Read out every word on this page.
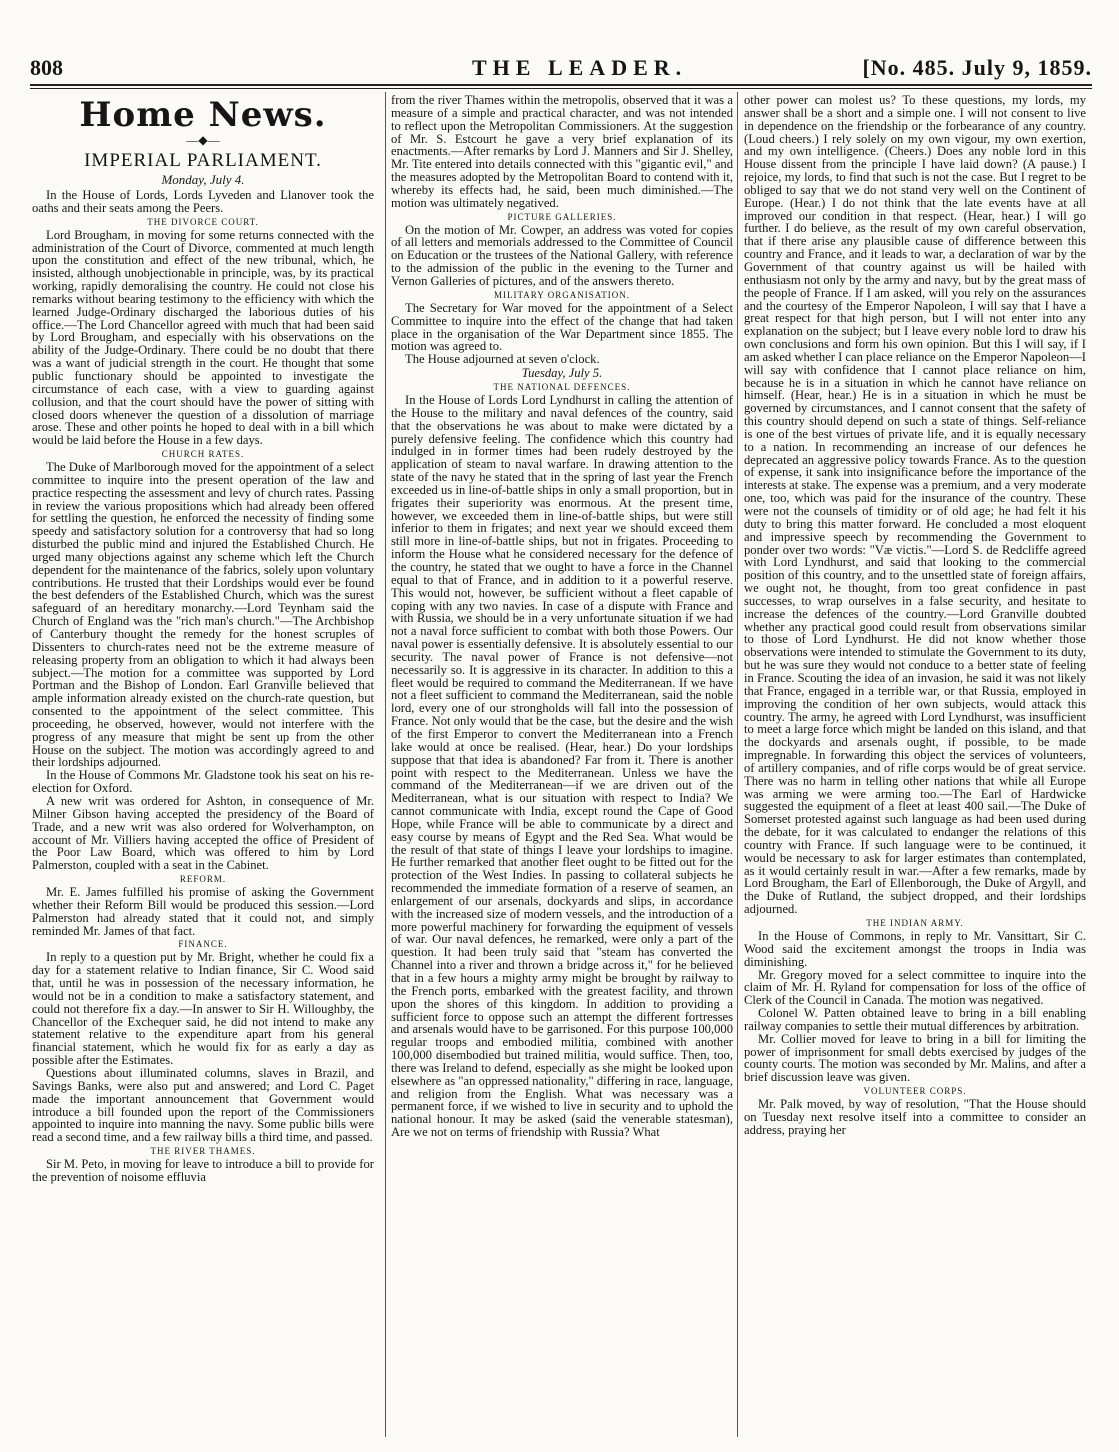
808	THE LEADER.	[No. 485. July 9, 1859.
Home News.
—◆—
IMPERIAL PARLIAMENT.
Monday, July 4.

In the House of Lords, Lords Lyveden and Llanover took the oaths and their seats among the Peers.

THE DIVORCE COURT.

Lord Brougham, in moving for some returns connected with the administration of the Court of Divorce, commented at much length upon the constitution and effect of the new tribunal, which, he insisted, although unobjectionable in principle, was, by its practical working, rapidly demoralising the country. He could not close his remarks without bearing testimony to the efficiency with which the learned Judge-Ordinary discharged the laborious duties of his office.—The Lord Chancellor agreed with much that had been said by Lord Brougham, and especially with his observations on the ability of the Judge-Ordinary. There could be no doubt that there was a want of judicial strength in the court. He thought that some public functionary should be appointed to investigate the circumstance of each case, with a view to guarding against collusion, and that the court should have the power of sitting with closed doors whenever the question of a dissolution of marriage arose. These and other points he hoped to deal with in a bill which would be laid before the House in a few days.

CHURCH RATES.

The Duke of Marlborough moved for the appointment of a select committee to inquire into the present operation of the law and practice respecting the assessment and levy of church rates. Passing in review the various propositions which had already been offered for settling the question, he enforced the necessity of finding some speedy and satisfactory solution for a controversy that had so long disturbed the public mind and injured the Established Church. He urged many objections against any scheme which left the Church dependent for the maintenance of the fabrics, solely upon voluntary contributions. He trusted that their Lordships would ever be found the best defenders of the Established Church, which was the surest safeguard of an hereditary monarchy.—Lord Teynham said the Church of England was the "rich man's church."—The Archbishop of Canterbury thought the remedy for the honest scruples of Dissenters to church-rates need not be the extreme measure of releasing property from an obligation to which it had always been subject.—The motion for a committee was supported by Lord Portman and the Bishop of London. Earl Granville believed that ample information already existed on the church-rate question, but consented to the appointment of the select committee. This proceeding, he observed, however, would not interfere with the progress of any measure that might be sent up from the other House on the subject. The motion was accordingly agreed to and their lordships adjourned.

In the House of Commons Mr. Gladstone took his seat on his re-election for Oxford.

A new writ was ordered for Ashton, in consequence of Mr. Milner Gibson having accepted the presidency of the Board of Trade, and a new writ was also ordered for Wolverhampton, on account of Mr. Villiers having accepted the office of President of the Poor Law Board, which was offered to him by Lord Palmerston, coupled with a seat in the Cabinet.

REFORM.

Mr. E. James fulfilled his promise of asking the Government whether their Reform Bill would be produced this session.—Lord Palmerston had already stated that it could not, and simply reminded Mr. James of that fact.

FINANCE.

In reply to a question put by Mr. Bright, whether he could fix a day for a statement relative to Indian finance, Sir C. Wood said that, until he was in possession of the necessary information, he would not be in a condition to make a satisfactory statement, and could not therefore fix a day.—In answer to Sir H. Willoughby, the Chancellor of the Exchequer said, he did not intend to make any statement relative to the expenditure apart from his general financial statement, which he would fix for as early a day as possible after the Estimates.

Questions about illuminated columns, slaves in Brazil, and Savings Banks, were also put and answered; and Lord C. Paget made the important announcement that Government would introduce a bill founded upon the report of the Commissioners appointed to inquire into manning the navy. Some public bills were read a second time, and a few railway bills a third time, and passed.

THE RIVER THAMES.

Sir M. Peto, in moving for leave to introduce a bill to provide for the prevention of noisome effluvia

from the river Thames within the metropolis, observed that it was a measure of a simple and practical character, and was not intended to reflect upon the Metropolitan Commissioners. At the suggestion of Mr. S. Estcourt he gave a very brief explanation of its enactments.—After remarks by Lord J. Manners and Sir J. Shelley, Mr. Tite entered into details connected with this "gigantic evil," and the measures adopted by the Metropolitan Board to contend with it, whereby its effects had, he said, been much diminished.—The motion was ultimately negatived.

PICTURE GALLERIES.

On the motion of Mr. Cowper, an address was voted for copies of all letters and memorials addressed to the Committee of Council on Education or the trustees of the National Gallery, with reference to the admission of the public in the evening to the Turner and Vernon Galleries of pictures, and of the answers thereto.

MILITARY ORGANISATION.

The Secretary for War moved for the appointment of a Select Committee to inquire into the effect of the change that had taken place in the organisation of the War Department since 1855. The motion was agreed to.

The House adjourned at seven o'clock.

Tuesday, July 5.
THE NATIONAL DEFENCES.

In the House of Lords Lord Lyndhurst in calling the attention of the House to the military and naval defences of the country, said that the observations he was about to make were dictated by a purely defensive feeling. The confidence which this country had indulged in in former times had been rudely destroyed by the application of steam to naval warfare. In drawing attention to the state of the navy he stated that in the spring of last year the French exceeded us in line-of-battle ships in only a small proportion, but in frigates their superiority was enormous. At the present time, however, we exceeded them in line-of-battle ships, but were still inferior to them in frigates; and next year we should exceed them still more in line-of-battle ships, but not in frigates. Proceeding to inform the House what he considered necessary for the defence of the country, he stated that we ought to have a force in the Channel equal to that of France, and in addition to it a powerful reserve. This would not, however, be sufficient without a fleet capable of coping with any two navies. In case of a dispute with France and with Russia, we should be in a very unfortunate situation if we had not a naval force sufficient to combat with both those Powers. Our naval power is essentially defensive. It is absolutely essential to our security. The naval power of France is not defensive—not necessarily so. It is aggressive in its character. In addition to this a fleet would be required to command the Mediterranean. If we have not a fleet sufficient to command the Mediterranean, said the noble lord, every one of our strongholds will fall into the possession of France. Not only would that be the case, but the desire and the wish of the first Emperor to convert the Mediterranean into a French lake would at once be realised. (Hear, hear.) Do your lordships suppose that that idea is abandoned? Far from it. There is another point with respect to the Mediterranean. Unless we have the command of the Mediterranean—if we are driven out of the Mediterranean, what is our situation with respect to India? We cannot communicate with India, except round the Cape of Good Hope, while France will be able to communicate by a direct and easy course by means of Egypt and the Red Sea. What would be the result of that state of things I leave your lordships to imagine. He further remarked that another fleet ought to be fitted out for the protection of the West Indies. In passing to collateral subjects he recommended the immediate formation of a reserve of seamen, an enlargement of our arsenals, dockyards and slips, in accordance with the increased size of modern vessels, and the introduction of a more powerful machinery for forwarding the equipment of vessels of war. Our naval defences, he remarked, were only a part of the question. It had been truly said that "steam has converted the Channel into a river and thrown a bridge across it," for he believed that in a few hours a mighty army might be brought by railway to the French ports, embarked with the greatest facility, and thrown upon the shores of this kingdom. In addition to providing a sufficient force to oppose such an attempt the different fortresses and arsenals would have to be garrisoned. For this purpose 100,000 regular troops and embodied militia, combined with another 100,000 disembodied but trained militia, would suffice. Then, too, there was Ireland to defend, especially as she might be looked upon elsewhere as "an oppressed nationality," differing in race, language, and religion from the English. What was necessary was a permanent force, if we wished to live in security and to uphold the national honour. It may be asked (said the venerable statesman), Are we not on terms of friendship with Russia? What

other power can molest us? To these questions, my lords, my answer shall be a short and a simple one. I will not consent to live in dependence on the friendship or the forbearance of any country. (Loud cheers.) I rely solely on my own vigour, my own exertion, and my own intelligence. (Cheers.) Does any noble lord in this House dissent from the principle I have laid down? (A pause.) I rejoice, my lords, to find that such is not the case. But I regret to be obliged to say that we do not stand very well on the Continent of Europe. (Hear.) I do not think that the late events have at all improved our condition in that respect. (Hear, hear.) I will go further. I do believe, as the result of my own careful observation, that if there arise any plausible cause of difference between this country and France, and it leads to war, a declaration of war by the Government of that country against us will be hailed with enthusiasm not only by the army and navy, but by the great mass of the people of France. If I am asked, will you rely on the assurances and the courtesy of the Emperor Napoleon, I will say that I have a great respect for that high person, but I will not enter into any explanation on the subject; but I leave every noble lord to draw his own conclusions and form his own opinion. But this I will say, if I am asked whether I can place reliance on the Emperor Napoleon—I will say with confidence that I cannot place reliance on him, because he is in a situation in which he cannot have reliance on himself. (Hear, hear.) He is in a situation in which he must be governed by circumstances, and I cannot consent that the safety of this country should depend on such a state of things. Self-reliance is one of the best virtues of private life, and it is equally necessary to a nation. In recommending an increase of our defences he deprecated an aggressive policy towards France. As to the question of expense, it sank into insignificance before the importance of the interests at stake. The expense was a premium, and a very moderate one, too, which was paid for the insurance of the country. These were not the counsels of timidity or of old age; he had felt it his duty to bring this matter forward. He concluded a most eloquent and impressive speech by recommending the Government to ponder over two words: "Væ victis."—Lord S. de Redcliffe agreed with Lord Lyndhurst, and said that looking to the commercial position of this country, and to the unsettled state of foreign affairs, we ought not, he thought, from too great confidence in past successes, to wrap ourselves in a false security, and hesitate to increase the defences of the country.—Lord Granville doubted whether any practical good could result from observations similar to those of Lord Lyndhurst. He did not know whether those observations were intended to stimulate the Government to its duty, but he was sure they would not conduce to a better state of feeling in France. Scouting the idea of an invasion, he said it was not likely that France, engaged in a terrible war, or that Russia, employed in improving the condition of her own subjects, would attack this country. The army, he agreed with Lord Lyndhurst, was insufficient to meet a large force which might be landed on this island, and that the dockyards and arsenals ought, if possible, to be made impregnable. In forwarding this object the services of volunteers, of artillery companies, and of rifle corps would be of great service. There was no harm in telling other nations that while all Europe was arming we were arming too.—The Earl of Hardwicke suggested the equipment of a fleet at least 400 sail.—The Duke of Somerset protested against such language as had been used during the debate, for it was calculated to endanger the relations of this country with France. If such language were to be continued, it would be necessary to ask for larger estimates than contemplated, as it would certainly result in war.—After a few remarks, made by Lord Brougham, the Earl of Ellenborough, the Duke of Argyll, and the Duke of Rutland, the subject dropped, and their lordships adjourned.

THE INDIAN ARMY.

In the House of Commons, in reply to Mr. Vansittart, Sir C. Wood said the excitement amongst the troops in India was diminishing.

Mr. Gregory moved for a select committee to inquire into the claim of Mr. H. Ryland for compensation for loss of the office of Clerk of the Council in Canada. The motion was negatived.

Colonel W. Patten obtained leave to bring in a bill enabling railway companies to settle their mutual differences by arbitration.

Mr. Collier moved for leave to bring in a bill for limiting the power of imprisonment for small debts exercised by judges of the county courts. The motion was seconded by Mr. Malins, and after a brief discussion leave was given.

VOLUNTEER CORPS.

Mr. Palk moved, by way of resolution, "That the House should on Tuesday next resolve itself into a committee to consider an address, praying her
